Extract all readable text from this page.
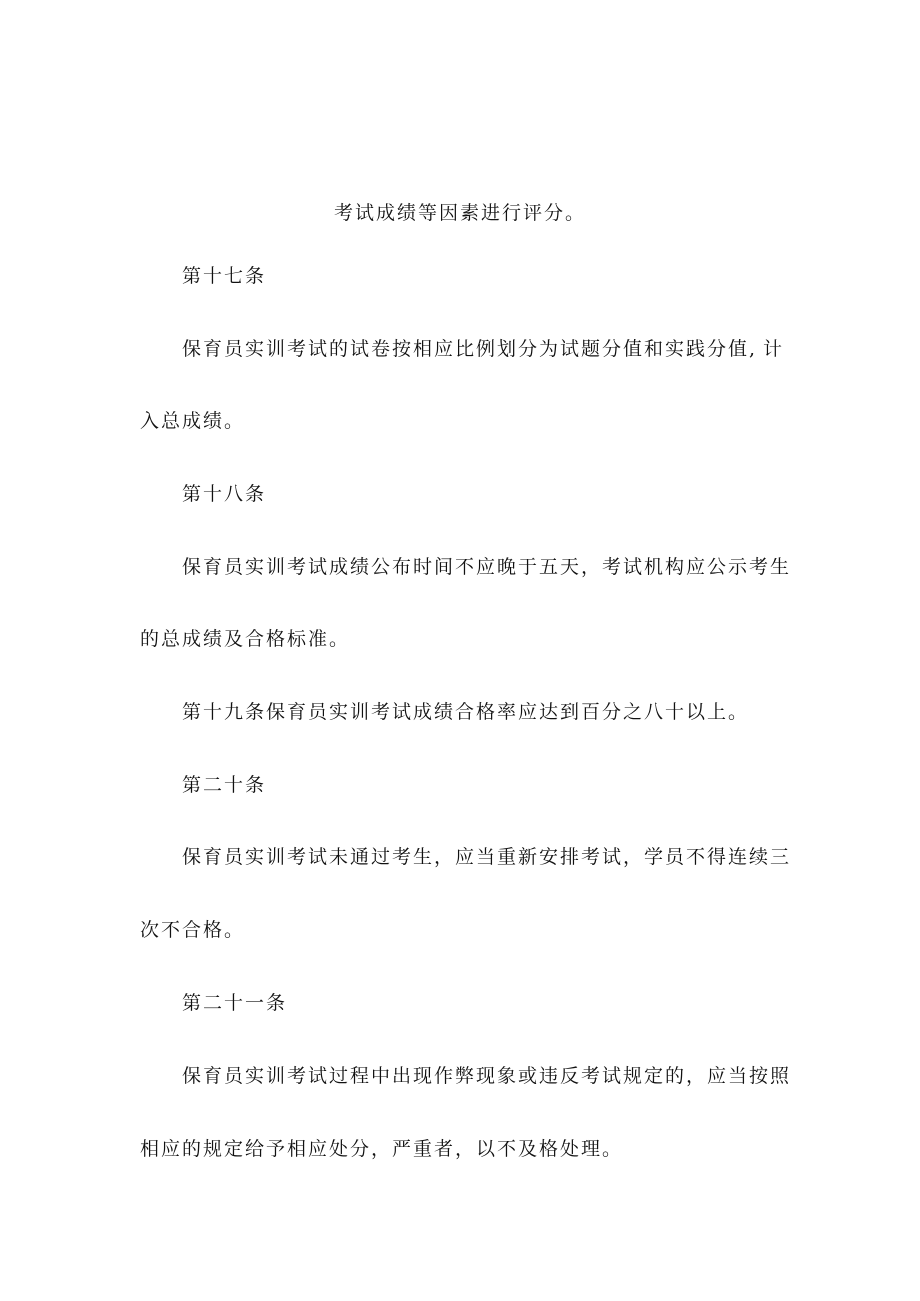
考试成绩等因素进行评分。
第十七条
保育员实训考试的试卷按相应比例划分为试题分值和实践分值, 计
入总成绩。
第十八条
保育员实训考试成绩公布时间不应晚于五天，考试机构应公示考 生
的总成绩及合格标准。
第十九条保育员实训考试成绩合格率应达到百分之八十以上。
第二十条
保育员实训考试未通过考生，应当重新安排考试，学员不得连续 三
次不合格。
第二十一条
保育员实训考试过程中出现作弊现象或违反考试规定的，应当按 照
相应的规定给予相应处分，严重者，以不及格处理。
